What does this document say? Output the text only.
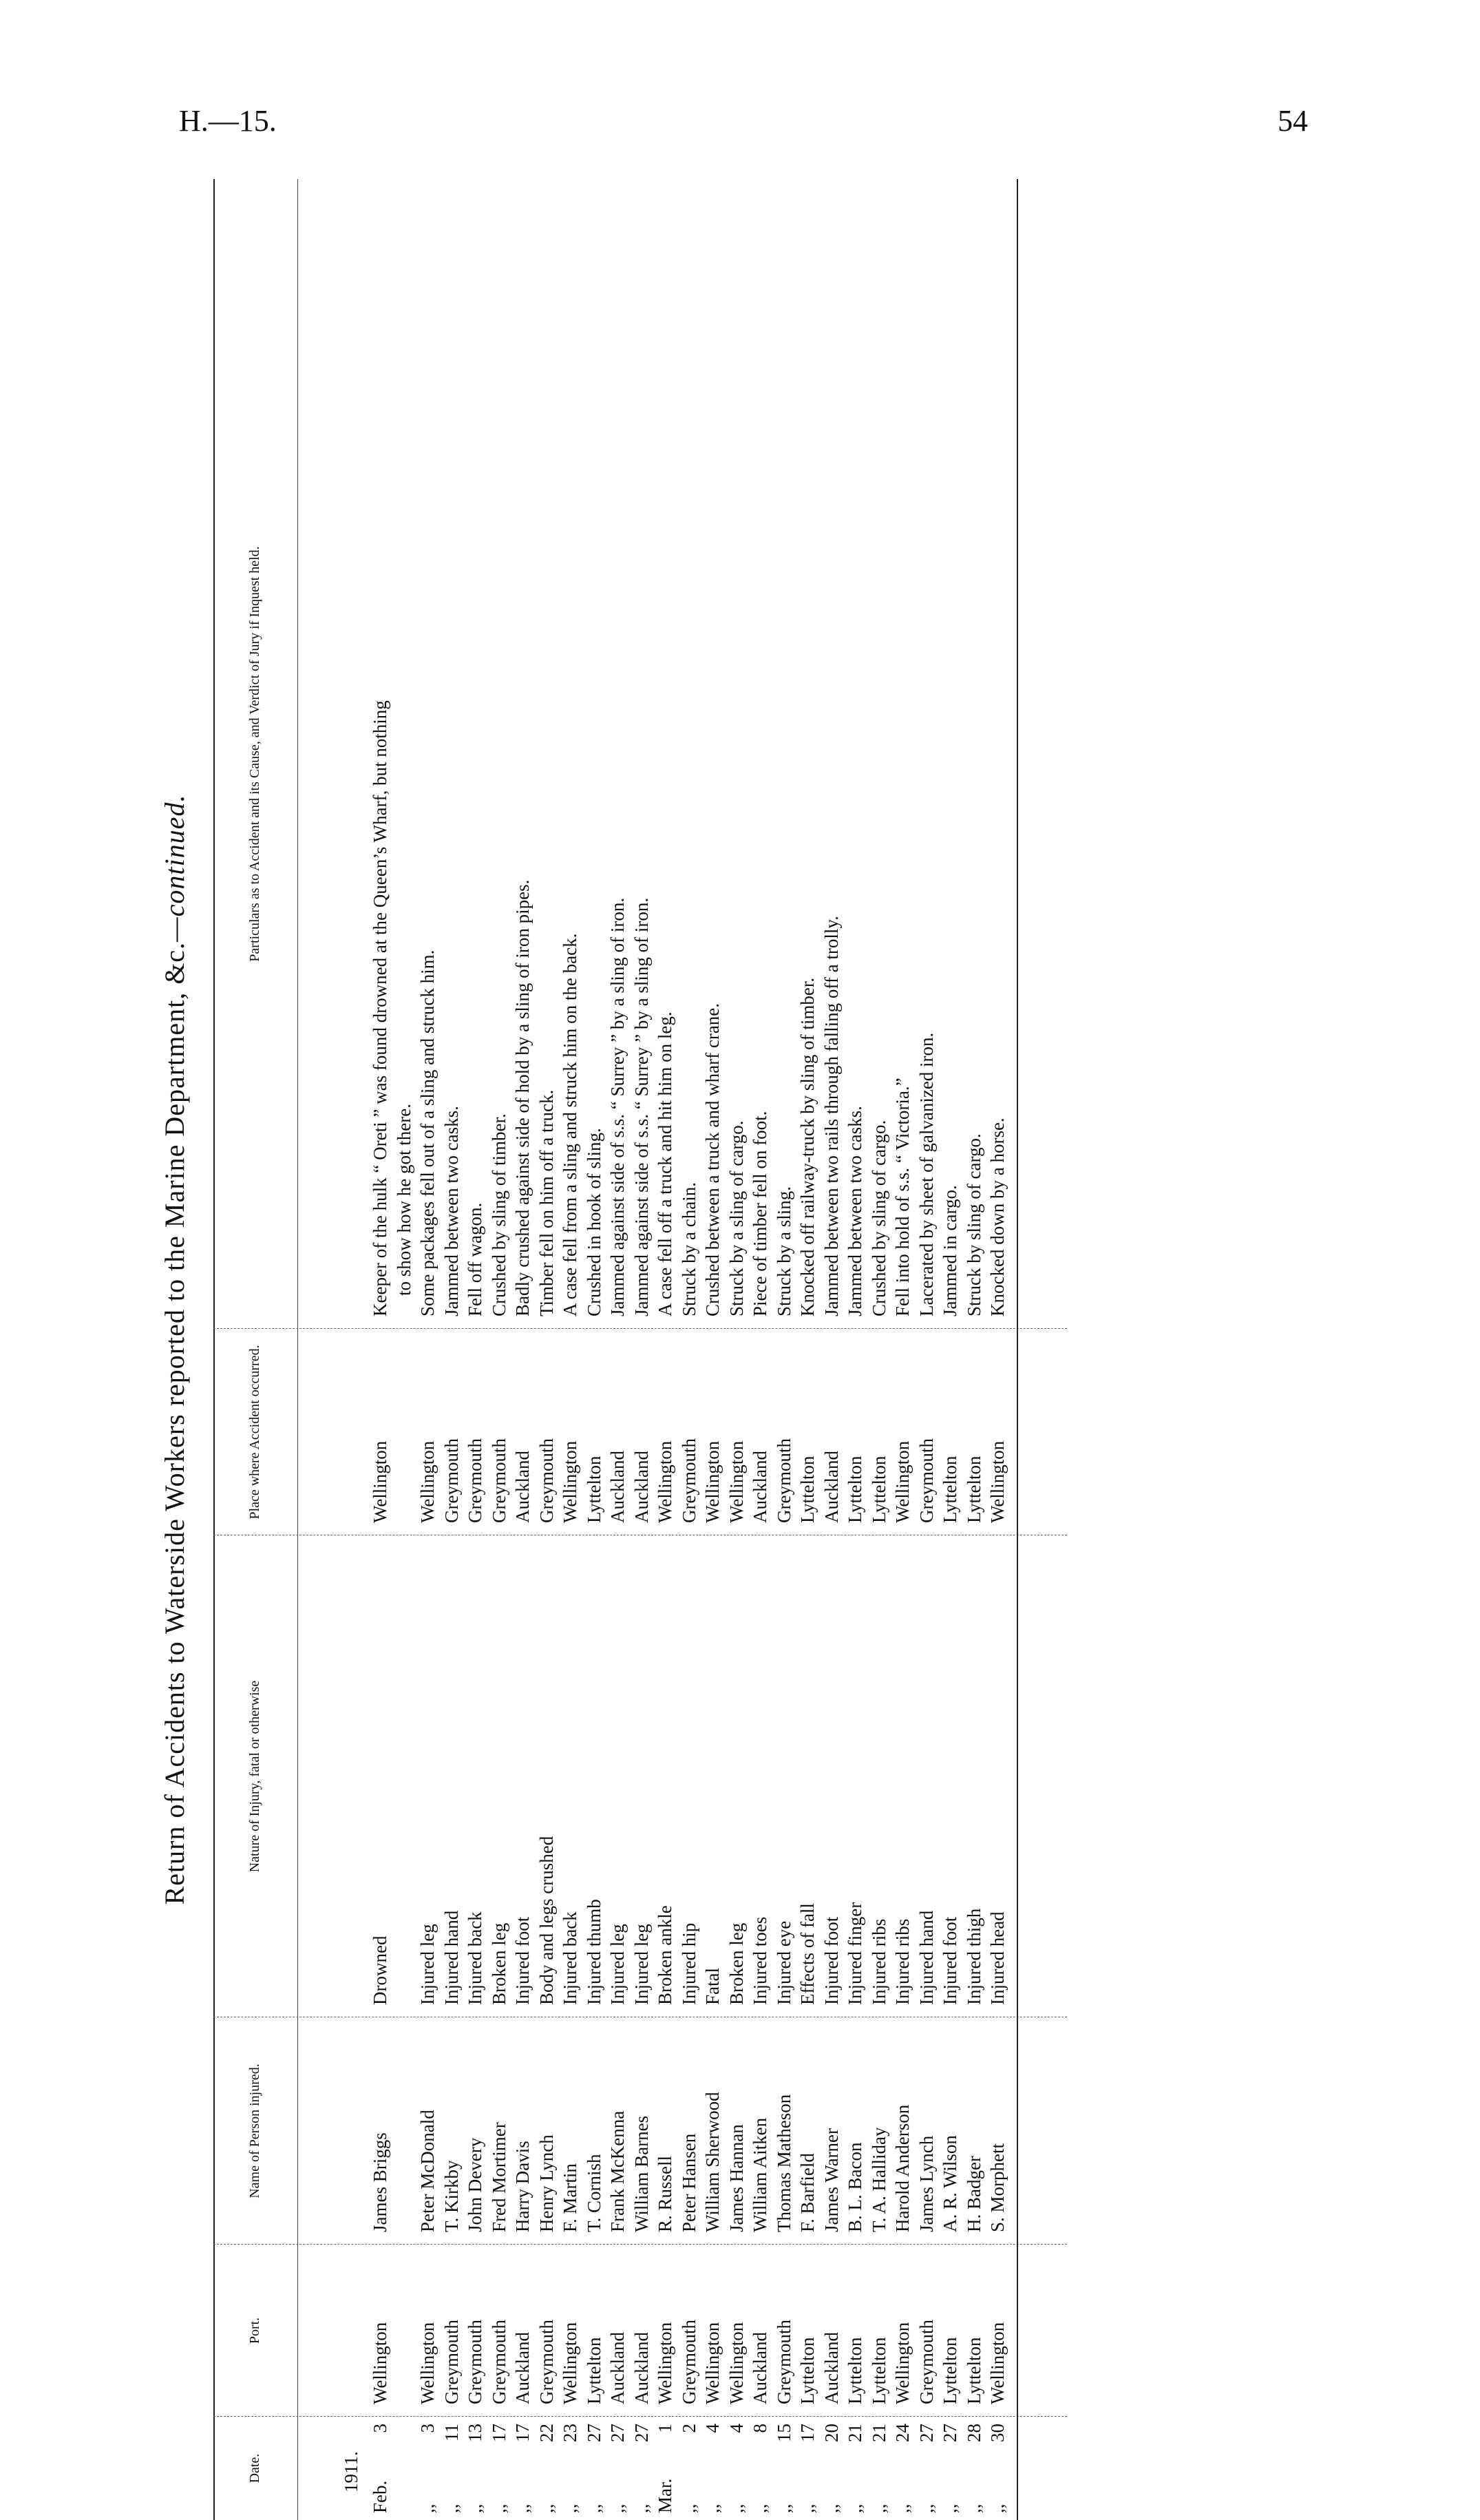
H.—15.	54
Return of Accidents to Waterside Workers reported to the Marine Department, &c.—continued.
Date.
Port.
Name of Person injured.
Nature of Injury, fatal or otherwise
Place where Accident occurred.
Particulars as to Accident and its Cause, and Verdict of Jury if Inquest held.
1911.
Feb.
3
Wellington
James Briggs
Drowned
Wellington
Keeper of the hulk “ Oreti ” was found drowned at the Queen’s Wharf, but nothing to show how he got there.
,,
3
Wellington
Peter McDonald
Injured leg
Wellington
Some packages fell out of a sling and struck him.
,,
11
Greymouth
T. Kirkby
Injured hand
Greymouth
Jammed between two casks.
,,
13
Greymouth
John Devery
Injured back
Greymouth
Fell off wagon.
,,
17
Greymouth
Fred Mortimer
Broken leg
Greymouth
Crushed by sling of timber.
,,
17
Auckland
Harry Davis
Injured foot
Auckland
Badly crushed against side of hold by a sling of iron pipes.
,,
22
Greymouth
Henry Lynch
Body and legs crushed
Greymouth
Timber fell on him off a truck.
,,
23
Wellington
F. Martin
Injured back
Wellington
A case fell from a sling and struck him on the back.
,,
27
Lyttelton
T. Cornish
Injured thumb
Lyttelton
Crushed in hook of sling.
,,
27
Auckland
Frank McKenna
Injured leg
Auckland
Jammed against side of s.s. “ Surrey ” by a sling of iron.
,,
27
Auckland
William Barnes
Injured leg
Auckland
Jammed against side of s.s. “ Surrey ” by a sling of iron.
Mar.
1
Wellington
R. Russell
Broken ankle
Wellington
A case fell off a truck and hit him on leg.
,,
2
Greymouth
Peter Hansen
Injured hip
Greymouth
Struck by a chain.
,,
4
Wellington
William Sherwood
Fatal
Wellington
Crushed between a truck and wharf crane.
,,
4
Wellington
James Hannan
Broken leg
Wellington
Struck by a sling of cargo.
,,
8
Auckland
William Aitken
Injured toes
Auckland
Piece of timber fell on foot.
,,
15
Greymouth
Thomas Matheson
Injured eye
Greymouth
Struck by a sling.
,,
17
Lyttelton
F. Barfield
Effects of fall
Lyttelton
Knocked off railway-truck by sling of timber.
,,
20
Auckland
James Warner
Injured foot
Auckland
Jammed between two rails through falling off a trolly.
,,
21
Lyttelton
B. L. Bacon
Injured finger
Lyttelton
Jammed between two casks.
,,
21
Lyttelton
T. A. Halliday
Injured ribs
Lyttelton
Crushed by sling of cargo.
,,
24
Wellington
Harold Anderson
Injured ribs
Wellington
Fell into hold of s.s. “ Victoria.”
,,
27
Greymouth
James Lynch
Injured hand
Greymouth
Lacerated by sheet of galvanized iron.
,,
27
Lyttelton
A. R. Wilson
Injured foot
Lyttelton
Jammed in cargo.
,,
28
Lyttelton
H. Badger
Injured thigh
Lyttelton
Struck by sling of cargo.
,,
30
Wellington
S. Morphett
Injured head
Wellington
Knocked down by a horse.
